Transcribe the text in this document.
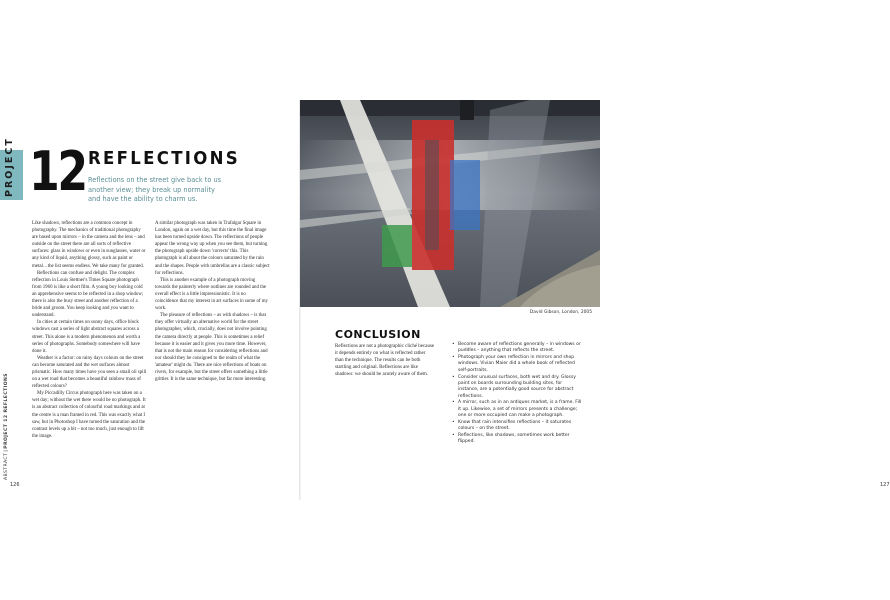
PROJECT 12 REFLECTIONS

Reflections on the street give back to us another view; they break up normality and have the ability to charm us.

Like shadows, reflections are a common concept in photography. The mechanics of traditional photography are based upon mirrors – in the camera and the lens – and outside on the street there are all sorts of reflective surfaces: glass in windows or even in sunglasses, water or any kind of liquid, anything glossy, such as paint or metal…the list seems endless. We take many for granted.

Reflections can confuse and delight. The complex reflection in Louis Stettner's Times Square photograph from 1960 is like a short film. A young boy looking cold an apprehensive seems to be reflected in a shop window; there is also the busy street and another reflection of a bride and groom. You keep looking and you want to understand.

In cities at certain times on sunny days, office block windows cast a series of light abstract squares across a street. This alone is a modern phenomenon and worth a series of photographs. Somebody somewhere will have done it.

Weather is a factor: on rainy days colours on the street can become saturated and the wet surfaces almost prismatic. How many times have you seen a small oil spill on a wet road that becomes a beautiful rainbow mass of reflected colours?

My Piccadilly Circus photograph here was taken on a wet day; without the wet there would be no photograph. It is an abstract collection of colourful road markings and at the centre is a man framed in red. This was exactly what I saw, but in Photoshop I have turned the saturation and the contrast levels up a bit – not too much, just enough to lift the image.

A similar photograph was taken in Trafalgar Square in London, again on a wet day, but this time the final image has been turned upside down. The reflections of people appear the wrong way up when you see them, but turning the photograph upside down 'corrects' this. This photograph is all about the colours saturated by the rain and the shapes. People with umbrellas are a classic subject for reflections.

This is another example of a photograph moving towards the painterly where outlines are rounded and the overall effect is a little impressionistic. It is no coincidence that my interest in art surfaces in some of my work.

The pleasure of reflections – as with shadows – is that they offer virtually an alternative world for the street photographer, which, crucially, does not involve pointing the camera directly at people. This is sometimes a relief because it is easier and it gives you more time. However, that is not the main reason for considering reflections and nor should they be consigned to the realm of what the 'amateur' might do. There are nice reflections of boats on rivers, for example, but the street offers something a little grittier. It is the same technique, but far more interesting.

ABSTRACT|PROJECT 12 REFLECTIONS
126
David Gibson, London, 2005
CONCLUSION

Reflections are not a photographic cliché because it depends entirely on what is reflected rather than the technique. The results can be both startling and original. Reflections are like shadows: we should be acutely aware of them.

• Become aware of reflections generally – in windows or puddles – anything that reflects the street.
• Photograph your own reflection in mirrors and shop windows. Vivian Maier did a whole book of reflected self-portraits.
• Consider unusual surfaces, both wet and dry. Glossy paint on boards surrounding building sites, for instance, are a potentially good source for abstract reflections.
• A mirror, such as in an antiques market, is a frame. Fill it up. Likewise, a set of mirrors presents a challenge; one or more occupied can make a photograph.
• Know that rain intensifies reflections – it saturates colours – on the street.
• Reflections, like shadows, sometimes work better flipped.
127
